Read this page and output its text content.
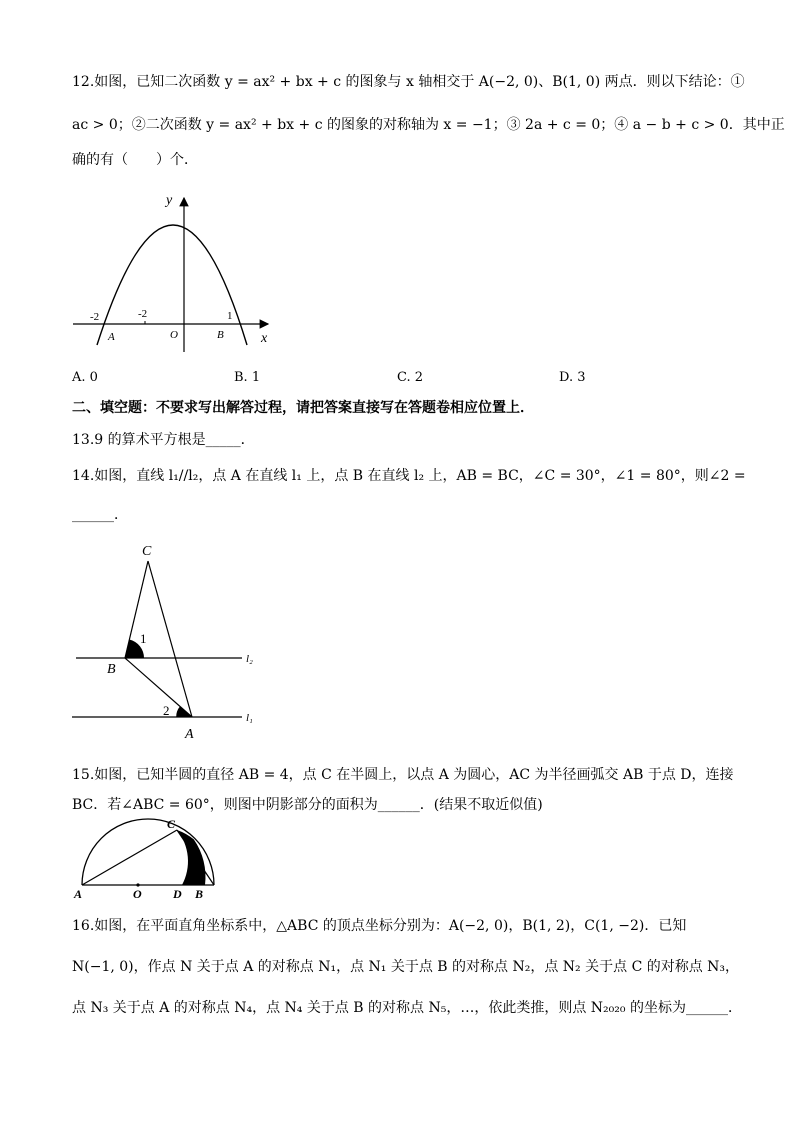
12.如图，已知二次函数 y = ax² + bx + c 的图象与 x 轴相交于 A(−2, 0)、B(1, 0) 两点．则以下结论：①
ac > 0；②二次函数 y = ax² + bx + c 的图象的对称轴为 x = −1；③ 2a + c = 0；④ a − b + c > 0．其中正
确的有（　　）个．
y
x
O
A	B
-2	-2	1
A. 0	B. 1	C. 2	D. 3
二、填空题：不要求写出解答过程，请把答案直接写在答题卷相应位置上．
13.9 的算术平方根是_____．
14.如图，直线 l₁//l₂，点 A 在直线 l₁ 上，点 B 在直线 l₂ 上，AB = BC，∠C = 30°，∠1 = 80°，则∠2 =
______．
C
B
A
1
2
l₂
l₁
15.如图，已知半圆的直径 AB = 4，点 C 在半圆上，以点 A 为圆心，AC 为半径画弧交 AB 于点 D，连接
BC．若∠ABC = 60°，则图中阴影部分的面积为______．(结果不取近似值)
A	O	D B
C
16.如图，在平面直角坐标系中，△ABC 的顶点坐标分别为：A(−2, 0)，B(1, 2)，C(1, −2)．已知
N(−1, 0)，作点 N 关于点 A 的对称点 N₁，点 N₁ 关于点 B 的对称点 N₂，点 N₂ 关于点 C 的对称点 N₃，
点 N₃ 关于点 A 的对称点 N₄，点 N₄ 关于点 B 的对称点 N₅，…，依此类推，则点 N₂₀₂₀ 的坐标为______．
